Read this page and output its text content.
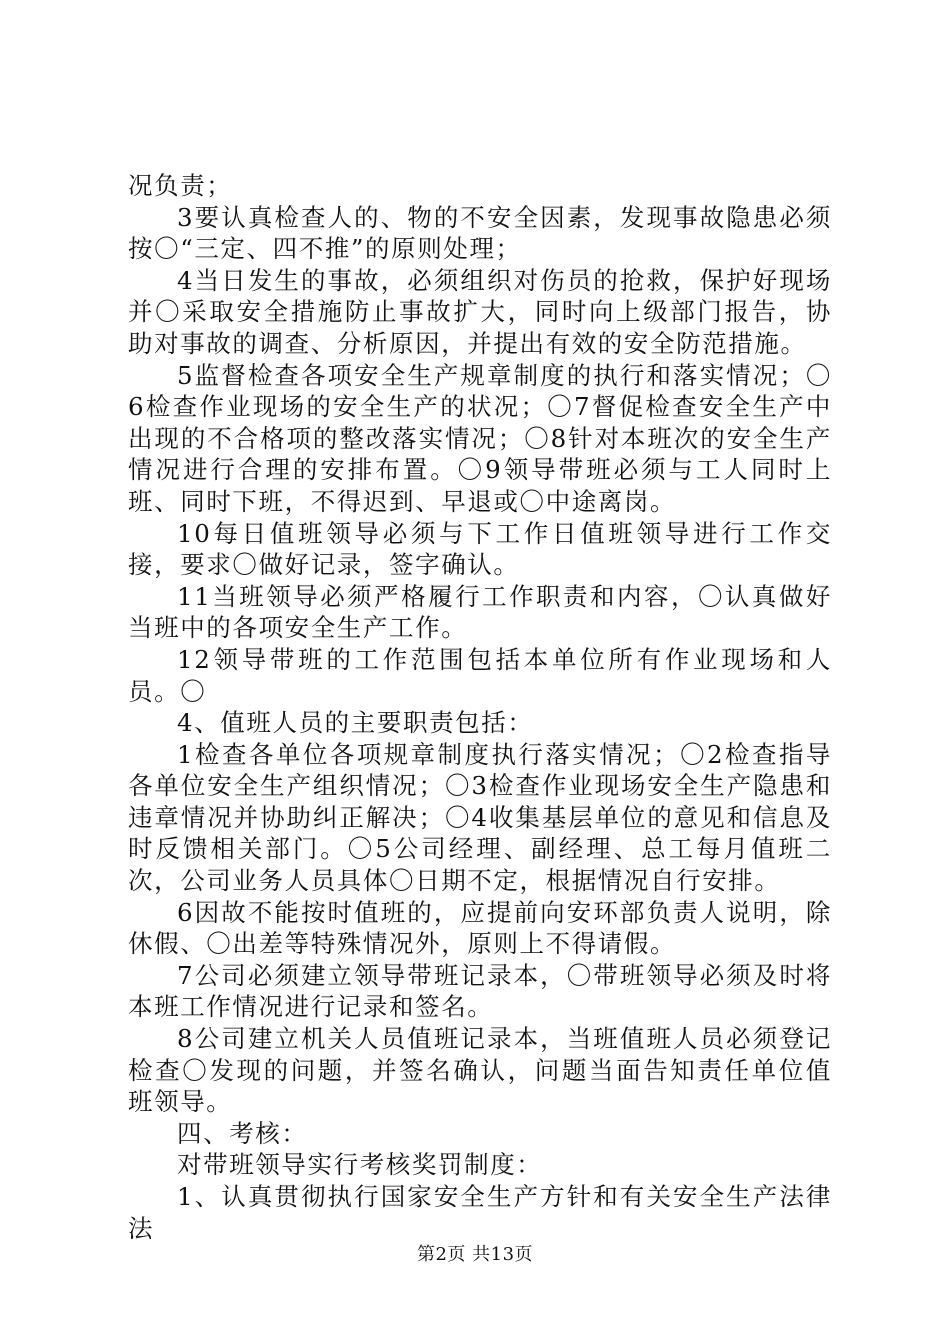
况负责；

3要认真检查人的、物的不安全因素，发现事故隐患必须按〇“三定、四不推”的原则处理；

4当日发生的事故，必须组织对伤员的抢救，保护好现场并〇采取安全措施防止事故扩大，同时向上级部门报告，协助对事故的调查、分析原因，并提出有效的安全防范措施。

5监督检查各项安全生产规章制度的执行和落实情况；〇6检查作业现场的安全生产的状况；〇7督促检查安全生产中出现的不合格项的整改落实情况；〇8针对本班次的安全生产情况进行合理的安排布置。〇9领导带班必须与工人同时上班、同时下班，不得迟到、早退或〇中途离岗。

10每日值班领导必须与下工作日值班领导进行工作交接，要求〇做好记录，签字确认。

11当班领导必须严格履行工作职责和内容，〇认真做好当班中的各项安全生产工作。

12领导带班的工作范围包括本单位所有作业现场和人员。〇

4、值班人员的主要职责包括：

1检查各单位各项规章制度执行落实情况；〇2检查指导各单位安全生产组织情况；〇3检查作业现场安全生产隐患和违章情况并协助纠正解决；〇4收集基层单位的意见和信息及时反馈相关部门。〇5公司经理、副经理、总工每月值班二次，公司业务人员具体〇日期不定，根据情况自行安排。

6因故不能按时值班的，应提前向安环部负责人说明，除休假、〇出差等特殊情况外，原则上不得请假。

7公司必须建立领导带班记录本，〇带班领导必须及时将本班工作情况进行记录和签名。

8公司建立机关人员值班记录本，当班值班人员必须登记检查〇发现的问题，并签名确认，问题当面告知责任单位值班领导。

四、考核：

对带班领导实行考核奖罚制度：

1、认真贯彻执行国家安全生产方针和有关安全生产法律法

第2页 共13页
